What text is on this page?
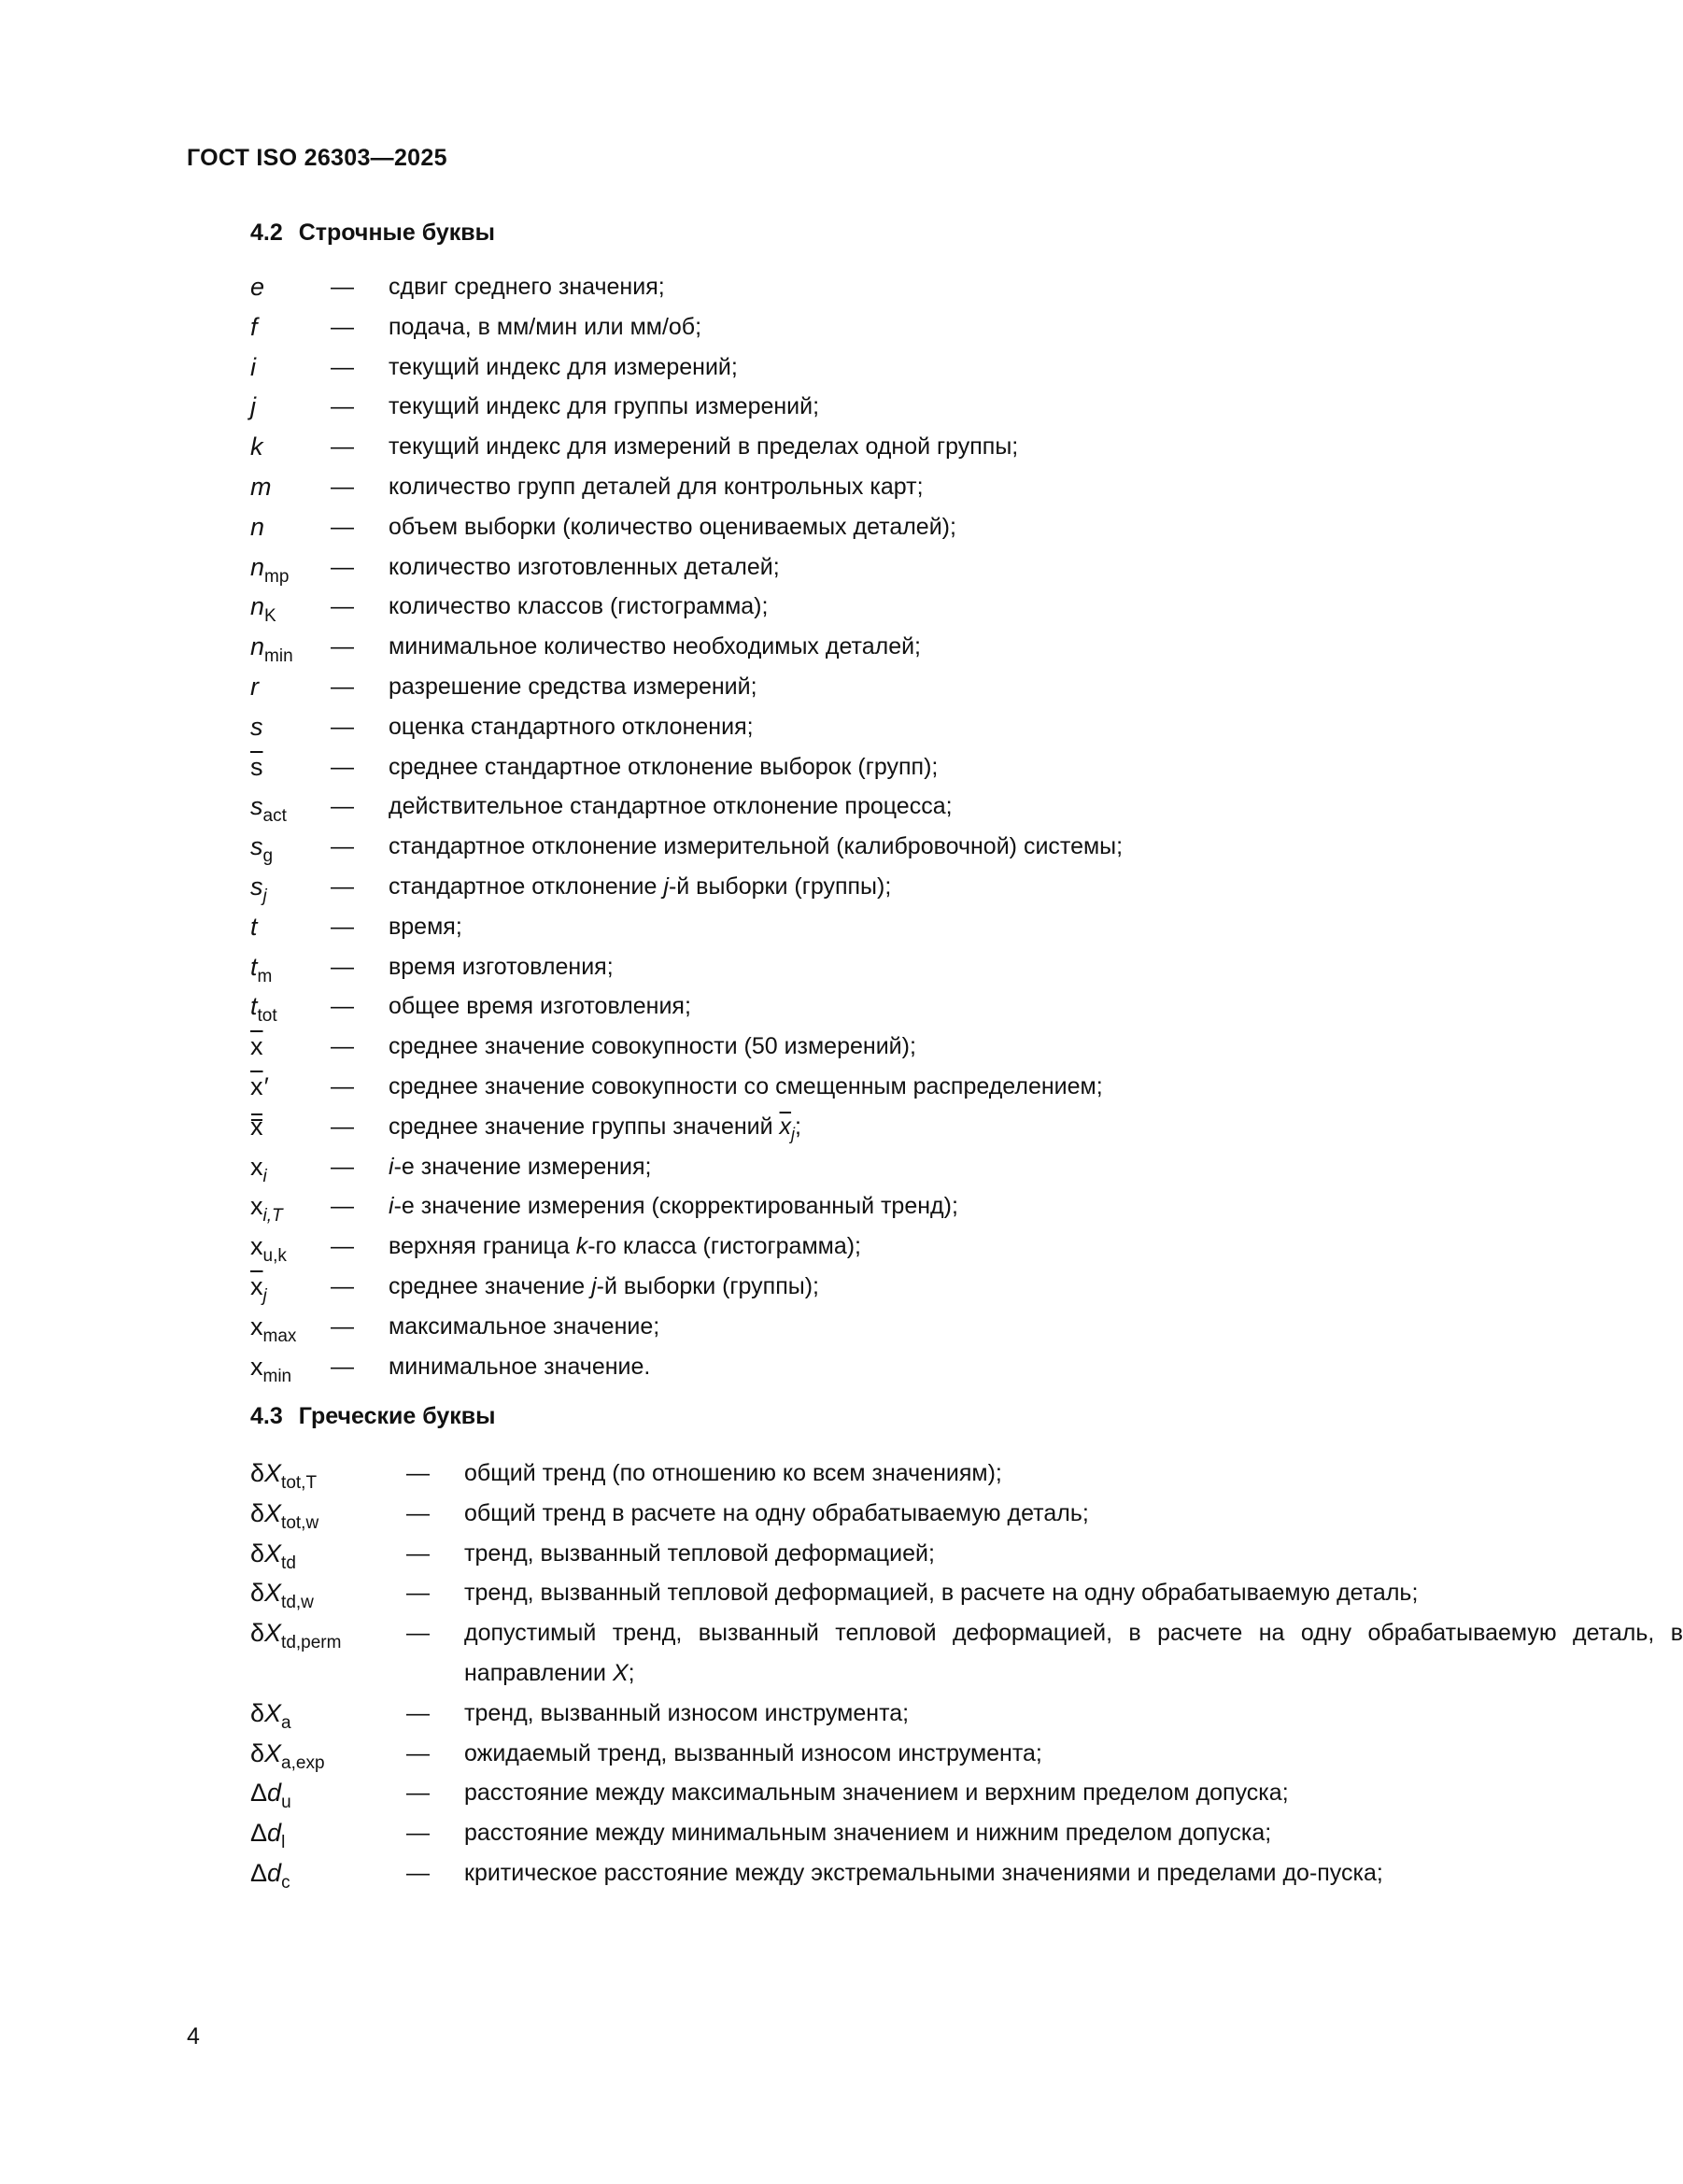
ГОСТ ISO 26303—2025
4.2 Строчные буквы
e	— сдвиг среднего значения;
f	— подача, в мм/мин или мм/об;
i	— текущий индекс для измерений;
j	— текущий индекс для группы измерений;
k	— текущий индекс для измерений в пределах одной группы;
m	— количество групп деталей для контрольных карт;
n	— объем выборки (количество оцениваемых деталей);
$n_{mp}$ — количество изготовленных деталей;
$n_K$ — количество классов (гистограмма);
$n_{min}$ — минимальное количество необходимых деталей;
r	— разрешение средства измерений;
s	— оценка стандартного отклонения;
$\overline{s}$	— среднее стандартное отклонение выборок (групп);
$s_{act}$ — действительное стандартное отклонение процесса;
$s_g$ — стандартное отклонение измерительной (калибровочной) системы;
$s_j$	— стандартное отклонение j-й выборки (группы);
t	— время;
$t_m$	— время изготовления;
$t_{tot}$ — общее время изготовления;
$\overline{x}$	— среднее значение совокупности (50 измерений);
$\overline{x}'$	— среднее значение совокупности со смещенным распределением;
x	— среднее значение группы значений $\overline{x}_j$;
$x_i$	— i-е значение измерения;
$x_{i,T}$ — i-е значение измерения (скорректированный тренд);
$x_{u,k}$ — верхняя граница k-го класса (гистограмма);
$\overline{x}_j$	— среднее значение j-й выборки (группы);
$x_{max}$ — максимальное значение;
$x_{min}$ — минимальное значение.
4.3 Греческие буквы
$\delta X_{tot,T}$	— общий тренд (по отношению ко всем значениям);
$\delta X_{tot,w}$	— общий тренд в расчете на одну обрабатываемую деталь;
$\delta X_{td}$	— тренд, вызванный тепловой деформацией;
$\delta X_{td,w}$	— тренд, вызванный тепловой деформацией, в расчете на одну обрабатываемую деталь;
$\delta X_{td,perm}$	— допустимый тренд, вызванный тепловой деформацией, в расчете на одну обрабатываемую деталь, в направлении X;
$\delta X_a$	— тренд, вызванный износом инструмента;
$\delta X_{a,exp}$	— ожидаемый тренд, вызванный износом инструмента;
$\Delta d_u$	— расстояние между максимальным значением и верхним пределом допуска;
$\Delta d_l$	— расстояние между минимальным значением и нижним пределом допуска;
$\Delta d_c$	— критическое расстояние между экстремальными значениями и пределами до-пуска;
4
